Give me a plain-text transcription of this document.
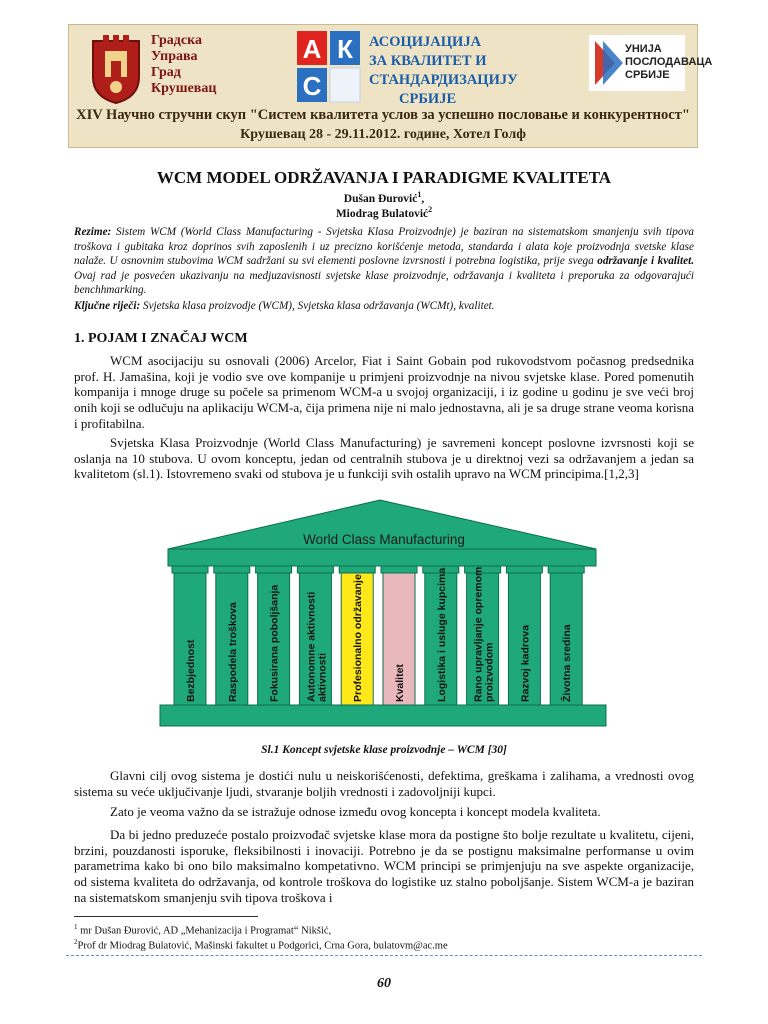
Градска
Управа
Град
Крушевац
А К
С
АСОЦИЈАЦИЈА
ЗА КВАЛИТЕТ И
СТАНДАРДИЗАЦИЈУ
СРБИЈЕ
УНИЈА
ПОСЛОДАВАЦА
СРБИЈЕ
XIV Научно стручни скуп "Систем квалитета услов за успешно пословање и конкурентност"
Крушевац 28 - 29.11.2012. године, Хотел Голф
WCM MODEL ODRŽAVANJA I PARADIGME KVALITETA
Dušan Đurović$^1$,
Miodrag Bulatović$^2$
Rezime: Sistem WCM (World Class Manufacturing - Svjetska Klasa Proizvodnje) je baziran na sistematskom smanjenju svih tipova troškova i gubitaka kroz doprinos svih zaposlenih i uz precizno korišćenje metoda, standarda i alata koje proizvodnja svetske klase nalaže. U osnovnim stubovima WCM sadržani su svi elementi poslovne izvrsnosti i potrebna logistika, prije svega održavanje i kvalitet. Ovaj rad je posvećen ukazivanju na medjuzavisnosti svjetske klase proizvodnje, održavanja i kvaliteta i preporuka za odgovarajući benchhmarking.
Ključne riječi: Svjetska klasa proizvodje (WCM), Svjetska klasa održavanja (WCMt), kvalitet.
1. POJAM I ZNAČAJ WCM
WCM asocijaciju su osnovali (2006) Arcelor, Fiat i Saint Gobain pod rukovodstvom počasnog predsednika prof. H. Jamašina, koji je vodio sve ove kompanije u primjeni proizvodnje na nivou svjetske klase. Pored pomenutih kompanija i mnoge druge su počele sa primenom WCM-a u svojoj organizaciji, i iz godine u godinu je sve veći broj onih koji se odlučuju na aplikaciju WCM-a, čija primena nije ni malo jednostavna, ali je sa druge strane veoma korisna i profitabilna.
Svjetska Klasa Proizvodnje (World Class Manufacturing) je savremeni koncept poslovne izvrsnosti koji se oslanja na 10 stubova. U ovom konceptu, jedan od centralnih stubova je u direktnoj vezi sa održavanjem a jedan sa kvalitetom (sl.1). Istovremeno svaki od stubova je u funkciji svih ostalih upravo na WCM principima.[1,2,3]
World Class Manufacturing
Bezbjednost	Raspodela troškova	Fokusirana poboljšanja Autonomne aktivnostiaktivnosti Profesionalno održavanje	Kvalitet	Logistika i usluge kupcima Rano upravljanje opremomproizvodom Razvoj kadrova	Životna sredina
Sl.1 Koncept svjetske klase proizvodnje – WCM [30]
Glavni cilj ovog sistema je dostići nulu u neiskorišćenosti, defektima, greškama i zalihama, a vrednosti ovog sistema su veće uključivanje ljudi, stvaranje boljih vrednosti i zadovoljniji kupci.
Zato je veoma važno da se istražuje odnose između ovog koncepta i koncept modela kvaliteta.
Da bi jedno preduzeće postalo proizvođač svjetske klase mora da postigne što bolje rezultate u kvalitetu, cijeni, brzini, pouzdanosti isporuke, fleksibilnosti i inovaciji. Potrebno je da se postignu maksimalne performanse u ovim parametrima kako bi ono bilo maksimalno kompetativno. WCM principi se primjenjuju na sve aspekte organizacije, od sistema kvaliteta do održavanja, od kontrole troškova do logistike uz stalno poboljšanje. Sistem WCM-a je baziran na sistematskom smanjenju svih tipova troškova i
$^1$ mr Dušan Đurović, AD „Mehanizacija i Programat“ Nikšić,
$^2$Prof dr Miodrag Bulatović, Mašinski fakultet u Podgorici, Crna Gora, bulatovm@ac.me
60
